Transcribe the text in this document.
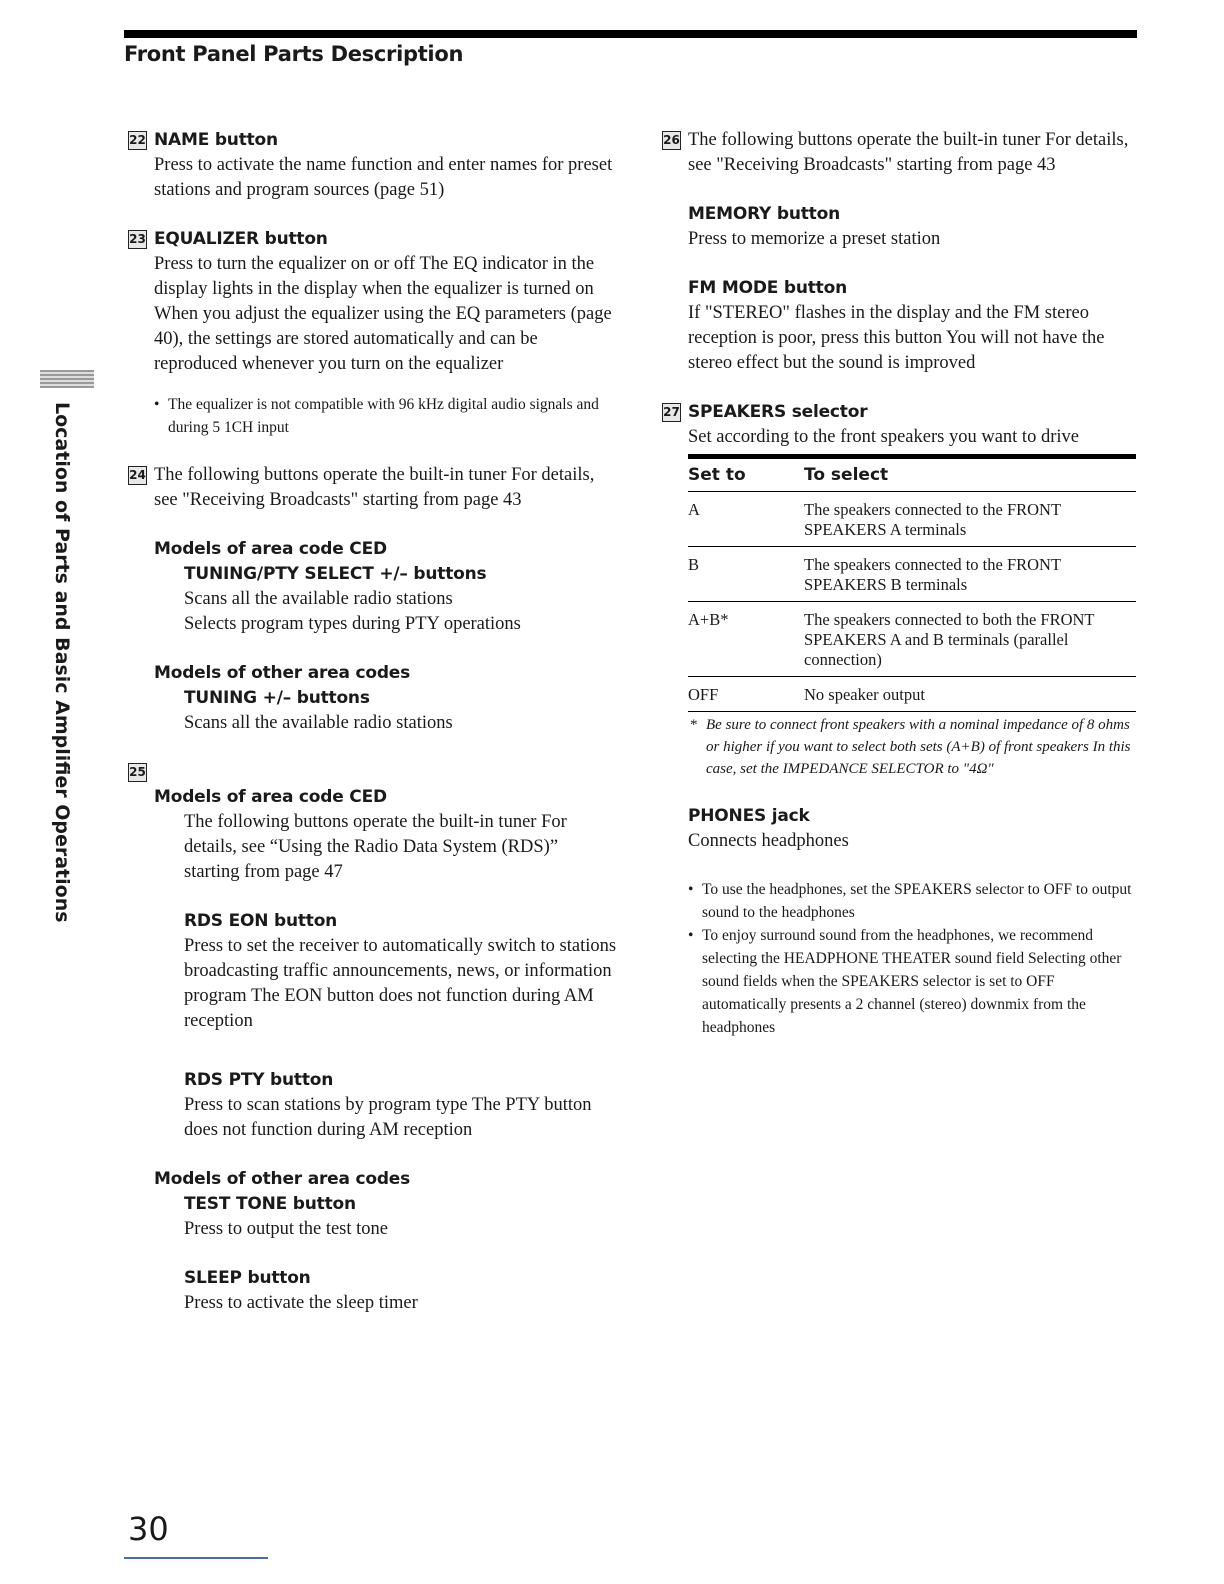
Front Panel Parts Description
Location of Parts and Basic Amplifier Operations
22 NAME button
Press to activate the name function and enter names for preset stations and program sources (page 51)
23 EQUALIZER button
Press to turn the equalizer on or off The EQ indicator in the display lights in the display when the equalizer is turned on
When you adjust the equalizer using the EQ parameters (page 40), the settings are stored automatically and can be reproduced whenever you turn on the equalizer
• The equalizer is not compatible with 96 kHz digital audio signals and during 5 1CH input
24 The following buttons operate the built-in tuner For details, see "Receiving Broadcasts" starting from page 43
Models of area code CED
TUNING/PTY SELECT +/– buttons
Scans all the available radio stations
Selects program types during PTY operations
Models of other area codes
TUNING +/– buttons
Scans all the available radio stations
25
Models of area code CED
The following buttons operate the built-in tuner For details, see “Using the Radio Data System (RDS)” starting from page 47
RDS EON button
Press to set the receiver to automatically switch to stations broadcasting traffic announcements, news, or information program The EON button does not function during AM reception
RDS PTY button
Press to scan stations by program type The PTY button does not function during AM reception
Models of other area codes
TEST TONE button
Press to output the test tone
SLEEP button
Press to activate the sleep timer
26 The following buttons operate the built-in tuner For details, see "Receiving Broadcasts" starting from page 43
MEMORY button
Press to memorize a preset station
FM MODE button
If "STEREO" flashes in the display and the FM stereo reception is poor, press this button You will not have the stereo effect but the sound is improved
27 SPEAKERS selector
Set according to the front speakers you want to drive
Set to	To select
A	The speakers connected to the FRONT SPEAKERS A terminals
B	The speakers connected to the FRONT SPEAKERS B terminals
A+B*	The speakers connected to both the FRONT SPEAKERS A and B terminals (parallel connection)
OFF	No speaker output
* Be sure to connect front speakers with a nominal impedance of 8 ohms or higher if you want to select both sets (A+B) of front speakers In this case, set the IMPEDANCE SELECTOR to "4Ω"
PHONES jack
Connects headphones
• To use the headphones, set the SPEAKERS selector to OFF to output sound to the headphones
• To enjoy surround sound from the headphones, we recommend selecting the HEADPHONE THEATER sound field Selecting other sound fields when the SPEAKERS selector is set to OFF automatically presents a 2 channel (stereo) downmix from the headphones
30
